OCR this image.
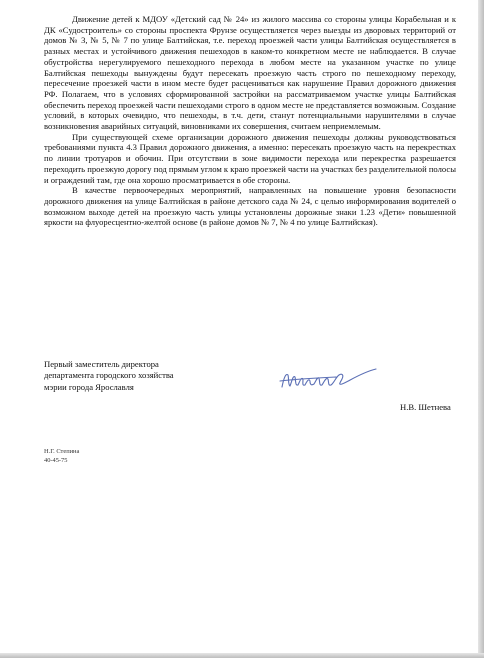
Движение детей к МДОУ «Детский сад № 24» из жилого массива со стороны улицы Корабельная и к ДК «Судостроитель» со стороны проспекта Фрунзе осуществляется через выезды из дворовых территорий от домов № 3, № 5, № 7 по улице Балтийская, т.е. переход проезжей части улицы Балтийская осуществляется в разных местах и устойчивого движения пешеходов в каком-то конкретном месте не наблюдается. В случае обустройства нерегулируемого пешеходного перехода в любом месте на указанном участке по улице Балтийская пешеходы вынуждены будут пересекать проезжую часть строго по пешеходному переходу, пересечение проезжей части в ином месте будет расцениваться как нарушение Правил дорожного движения РФ. Полагаем, что в условиях сформированной застройки на рассматриваемом участке улицы Балтийская обеспечить переход проезжей части пешеходами строго в одном месте не представляется возможным. Создание условий, в которых очевидно, что пешеходы, в т.ч. дети, станут потенциальными нарушителями в случае возникновения аварийных ситуаций, виновниками их совершения, считаем неприемлемым.

При существующей схеме организации дорожного движения пешеходы должны руководствоваться требованиями пункта 4.3 Правил дорожного движения, а именно: пересекать проезжую часть на перекрестках по линии тротуаров и обочин. При отсутствии в зоне видимости перехода или перекрестка разрешается переходить проезжую дорогу под прямым углом к краю проезжей части на участках без разделительной полосы и ограждений там, где она хорошо просматривается в обе стороны.

В качестве первоочередных мероприятий, направленных на повышение уровня безопасности дорожного движения на улице Балтийская в районе детского сада № 24, с целью информирования водителей о возможном выходе детей на проезжую часть улицы установлены дорожные знаки 1.23 «Дети» повышенной яркости на флуоресцентно-желтой основе (в районе домов № 7, № 4 по улице Балтийская).

Первый заместитель директора
департамента городского хозяйства
мэрии города Ярославля
Н.В. Шетнева
Н.Г. Степина
40-45-75
